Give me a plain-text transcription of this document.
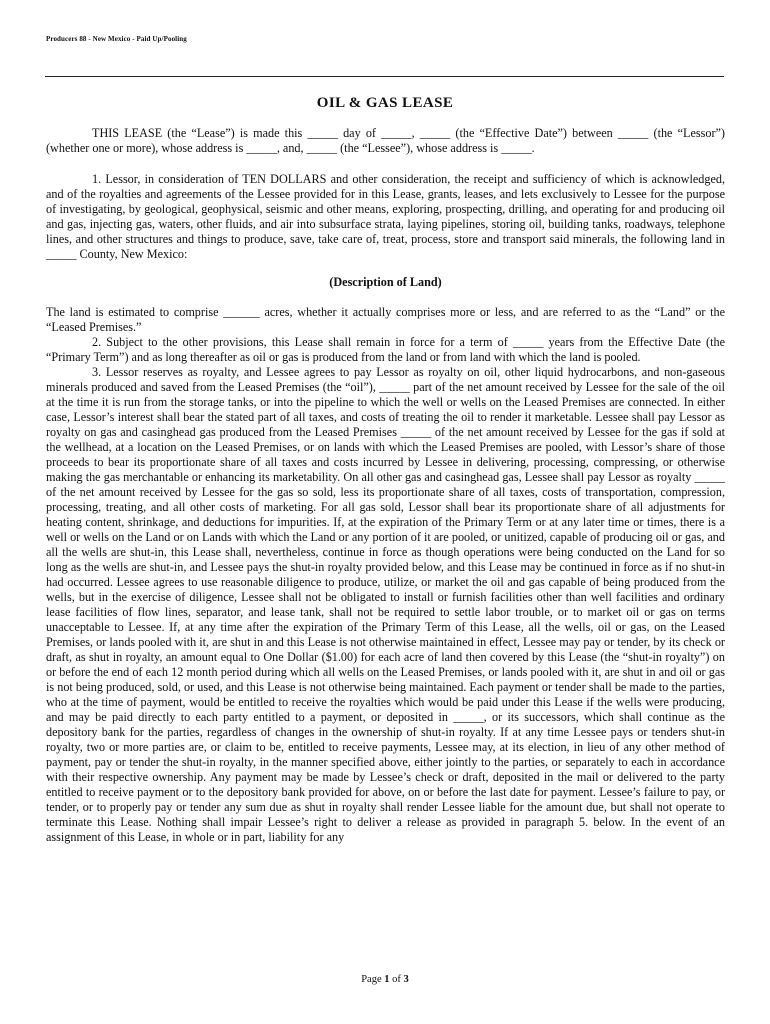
Producers 88 - New Mexico - Paid Up/Pooling
OIL & GAS LEASE

THIS LEASE (the “Lease”) is made this _____ day of _____, _____ (the “Effective Date”) between _____ (the “Lessor”) (whether one or more), whose address is _____, and, _____ (the “Lessee”), whose address is _____.

1. Lessor, in consideration of TEN DOLLARS and other consideration, the receipt and sufficiency of which is acknowledged, and of the royalties and agreements of the Lessee provided for in this Lease, grants, leases, and lets exclusively to Lessee for the purpose of investigating, by geological, geophysical, seismic and other means, exploring, prospecting, drilling, and operating for and producing oil and gas, injecting gas, waters, other fluids, and air into subsurface strata, laying pipelines, storing oil, building tanks, roadways, telephone lines, and other structures and things to produce, save, take care of, treat, process, store and transport said minerals, the following land in _____ County, New Mexico:

(Description of Land)

The land is estimated to comprise ______ acres, whether it actually comprises more or less, and are referred to as the “Land” or the “Leased Premises.”

2. Subject to the other provisions, this Lease shall remain in force for a term of _____ years from the Effective Date (the “Primary Term”) and as long thereafter as oil or gas is produced from the land or from land with which the land is pooled.

3. Lessor reserves as royalty, and Lessee agrees to pay Lessor as royalty on oil, other liquid hydrocarbons, and non-gaseous minerals produced and saved from the Leased Premises (the “oil”), _____ part of the net amount received by Lessee for the sale of the oil at the time it is run from the storage tanks, or into the pipeline to which the well or wells on the Leased Premises are connected. In either case, Lessor’s interest shall bear the stated part of all taxes, and costs of treating the oil to render it marketable. Lessee shall pay Lessor as royalty on gas and casinghead gas produced from the Leased Premises _____ of the net amount received by Lessee for the gas if sold at the wellhead, at a location on the Leased Premises, or on lands with which the Leased Premises are pooled, with Lessor’s share of those proceeds to bear its proportionate share of all taxes and costs incurred by Lessee in delivering, processing, compressing, or otherwise making the gas merchantable or enhancing its marketability. On all other gas and casinghead gas, Lessee shall pay Lessor as royalty _____ of the net amount received by Lessee for the gas so sold, less its proportionate share of all taxes, costs of transportation, compression, processing, treating, and all other costs of marketing. For all gas sold, Lessor shall bear its proportionate share of all adjustments for heating content, shrinkage, and deductions for impurities. If, at the expiration of the Primary Term or at any later time or times, there is a well or wells on the Land or on Lands with which the Land or any portion of it are pooled, or unitized, capable of producing oil or gas, and all the wells are shut-in, this Lease shall, nevertheless, continue in force as though operations were being conducted on the Land for so long as the wells are shut-in, and Lessee pays the shut-in royalty provided below, and this Lease may be continued in force as if no shut-in had occurred. Lessee agrees to use reasonable diligence to produce, utilize, or market the oil and gas capable of being produced from the wells, but in the exercise of diligence, Lessee shall not be obligated to install or furnish facilities other than well facilities and ordinary lease facilities of flow lines, separator, and lease tank, shall not be required to settle labor trouble, or to market oil or gas on terms unacceptable to Lessee. If, at any time after the expiration of the Primary Term of this Lease, all the wells, oil or gas, on the Leased Premises, or lands pooled with it, are shut in and this Lease is not otherwise maintained in effect, Lessee may pay or tender, by its check or draft, as shut in royalty, an amount equal to One Dollar ($1.00) for each acre of land then covered by this Lease (the “shut-in royalty”) on or before the end of each 12 month period during which all wells on the Leased Premises, or lands pooled with it, are shut in and oil or gas is not being produced, sold, or used, and this Lease is not otherwise being maintained. Each payment or tender shall be made to the parties, who at the time of payment, would be entitled to receive the royalties which would be paid under this Lease if the wells were producing, and may be paid directly to each party entitled to a payment, or deposited in _____, or its successors, which shall continue as the depository bank for the parties, regardless of changes in the ownership of shut-in royalty. If at any time Lessee pays or tenders shut-in royalty, two or more parties are, or claim to be, entitled to receive payments, Lessee may, at its election, in lieu of any other method of payment, pay or tender the shut-in royalty, in the manner specified above, either jointly to the parties, or separately to each in accordance with their respective ownership. Any payment may be made by Lessee’s check or draft, deposited in the mail or delivered to the party entitled to receive payment or to the depository bank provided for above, on or before the last date for payment. Lessee’s failure to pay, or tender, or to properly pay or tender any sum due as shut in royalty shall render Lessee liable for the amount due, but shall not operate to terminate this Lease. Nothing shall impair Lessee’s right to deliver a release as provided in paragraph 5. below. In the event of an assignment of this Lease, in whole or in part, liability for any

Page 1 of 3
